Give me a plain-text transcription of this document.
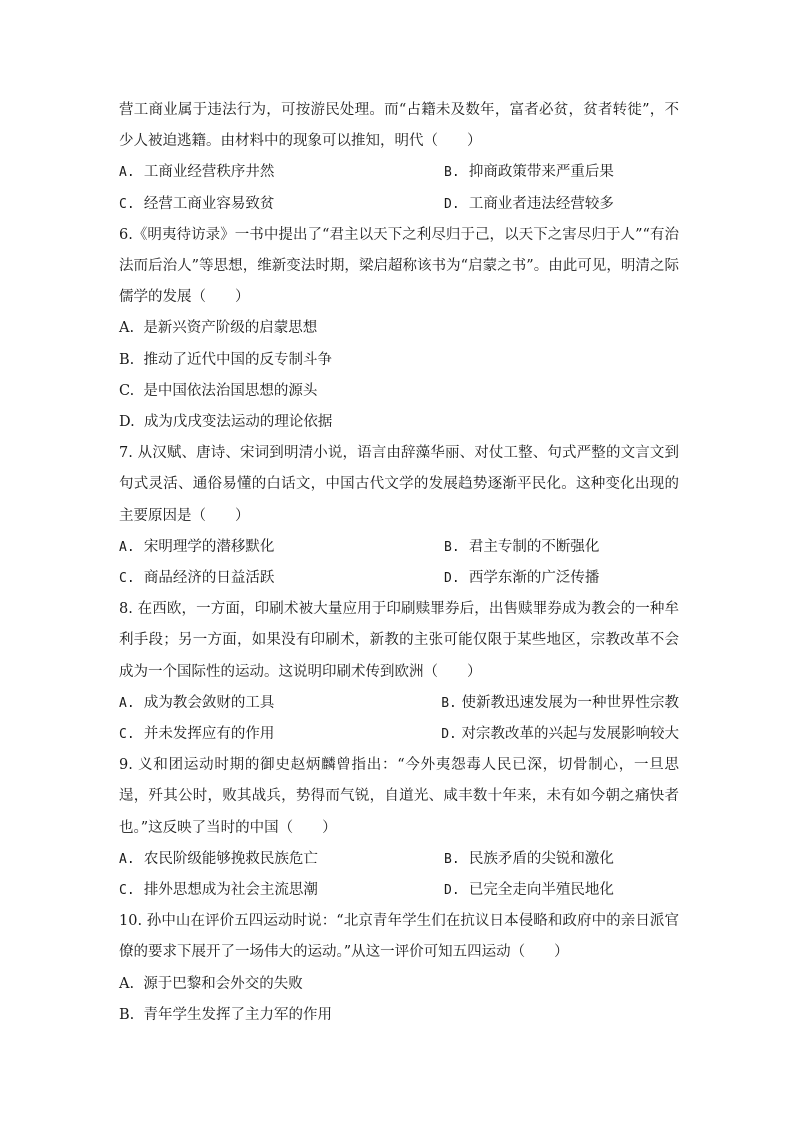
营工商业属于违法行为，可按游民处理。而“占籍未及数年，富者必贫，贫者转徙”，不少人被迫逃籍。由材料中的现象可以推知，明代（　　）

A. 工商业经营秩序井然	B. 抑商政策带来严重后果
C. 经营工商业容易致贫	D. 工商业者违法经营较多

6.《明夷待访录》一书中提出了“君主以天下之利尽归于己，以天下之害尽归于人”“有治法而后治人”等思想，维新变法时期，梁启超称该书为“启蒙之书”。由此可见，明清之际儒学的发展（　　）

A. 是新兴资产阶级的启蒙思想
B. 推动了近代中国的反专制斗争
C. 是中国依法治国思想的源头
D. 成为戊戌变法运动的理论依据

7. 从汉赋、唐诗、宋词到明清小说，语言由辞藻华丽、对仗工整、句式严整的文言文到句式灵活、通俗易懂的白话文，中国古代文学的发展趋势逐渐平民化。这种变化出现的主要原因是（　　）

A. 宋明理学的潜移默化	B. 君主专制的不断强化
C. 商品经济的日益活跃	D. 西学东渐的广泛传播

8. 在西欧，一方面，印刷术被大量应用于印刷赎罪券后，出售赎罪券成为教会的一种牟利手段；另一方面，如果没有印刷术，新教的主张可能仅限于某些地区，宗教改革不会成为一个国际性的运动。这说明印刷术传到欧洲（　　）

A. 成为教会敛财的工具	B. 使新教迅速发展为一种世界性宗教
C. 并未发挥应有的作用	D. 对宗教改革的兴起与发展影响较大

9. 义和团运动时期的御史赵炳麟曾指出：“今外夷怨毒人民已深，切骨制心，一旦思逞，歼其公时，败其战兵，势得而气锐，自道光、咸丰数十年来，未有如今朝之痛快者也。”这反映了当时的中国（　　）

A. 农民阶级能够挽救民族危亡	B. 民族矛盾的尖锐和激化
C. 排外思想成为社会主流思潮	D. 已完全走向半殖民地化

10. 孙中山在评价五四运动时说：“北京青年学生们在抗议日本侵略和政府中的亲日派官僚的要求下展开了一场伟大的运动。”从这一评价可知五四运动（　　）

A. 源于巴黎和会外交的失败
B. 青年学生发挥了主力军的作用
